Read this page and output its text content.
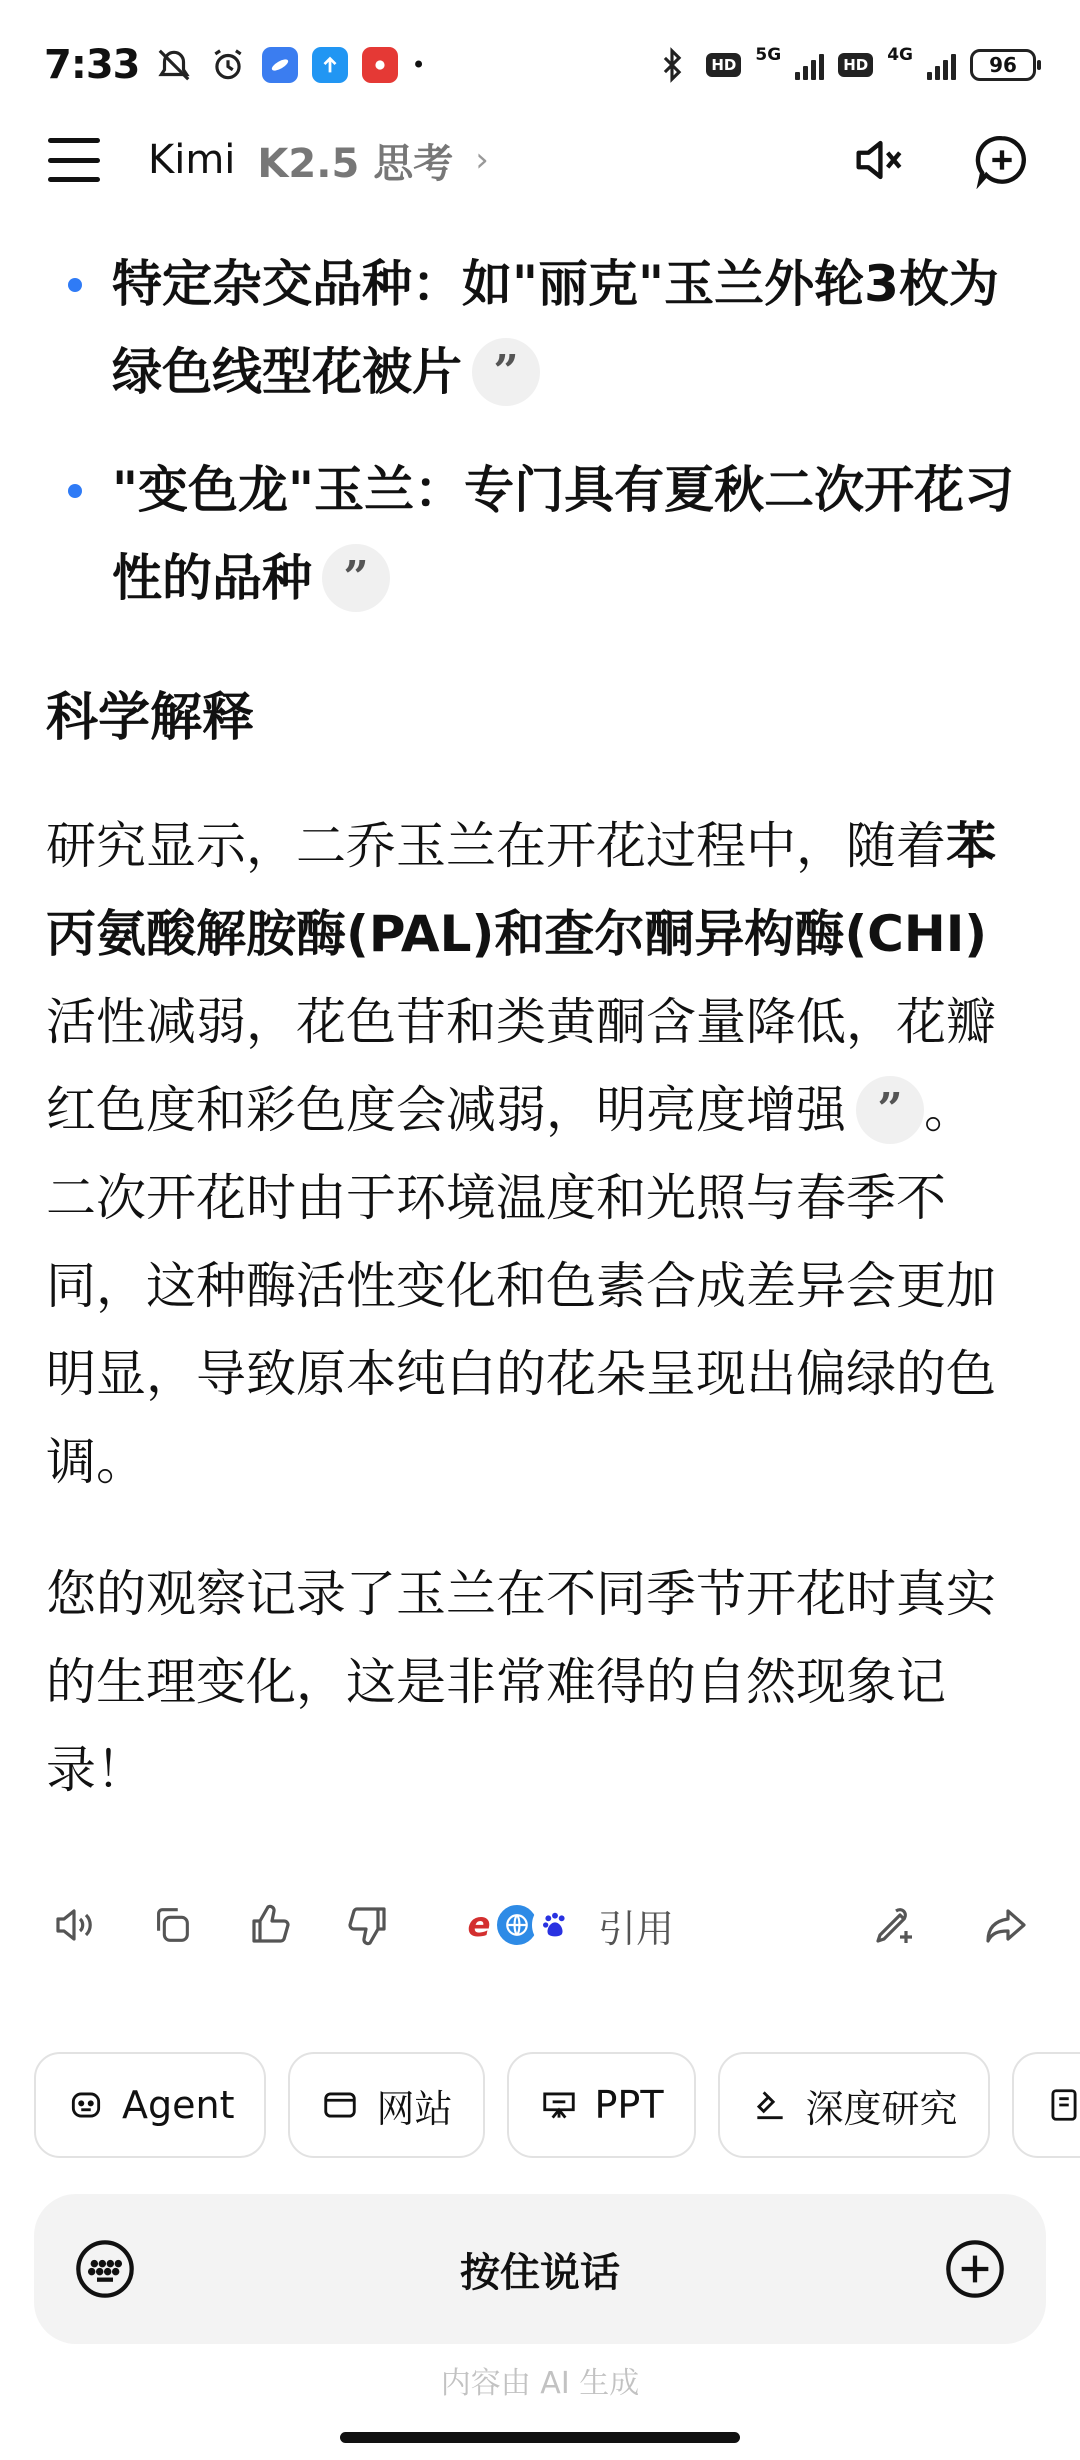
7:33	•	HD 5G	HD 4G	96
Kimi K2.5 思考 ›
特定杂交品种：如"丽克"玉兰外轮3枚为绿色线型花被片 ”
"变色龙"玉兰：专门具有夏秋二次开花习性的品种 ”
科学解释
研究显示，二乔玉兰在开花过程中，随着苯丙氨酸解胺酶(PAL)和查尔酮异构酶(CHI)活性减弱，花色苷和类黄酮含量降低，花瓣红色度和彩色度会减弱，明亮度增强 ” 。二次开花时由于环境温度和光照与春季不同，这种酶活性变化和色素合成差异会更加明显，导致原本纯白的花朵呈现出偏绿的色调。
您的观察记录了玉兰在不同季节开花时真实的生理变化，这是非常难得的自然现象记录！
e	引用
Agent	网站	PPT	深度研究
按住说话
内容由 AI 生成
